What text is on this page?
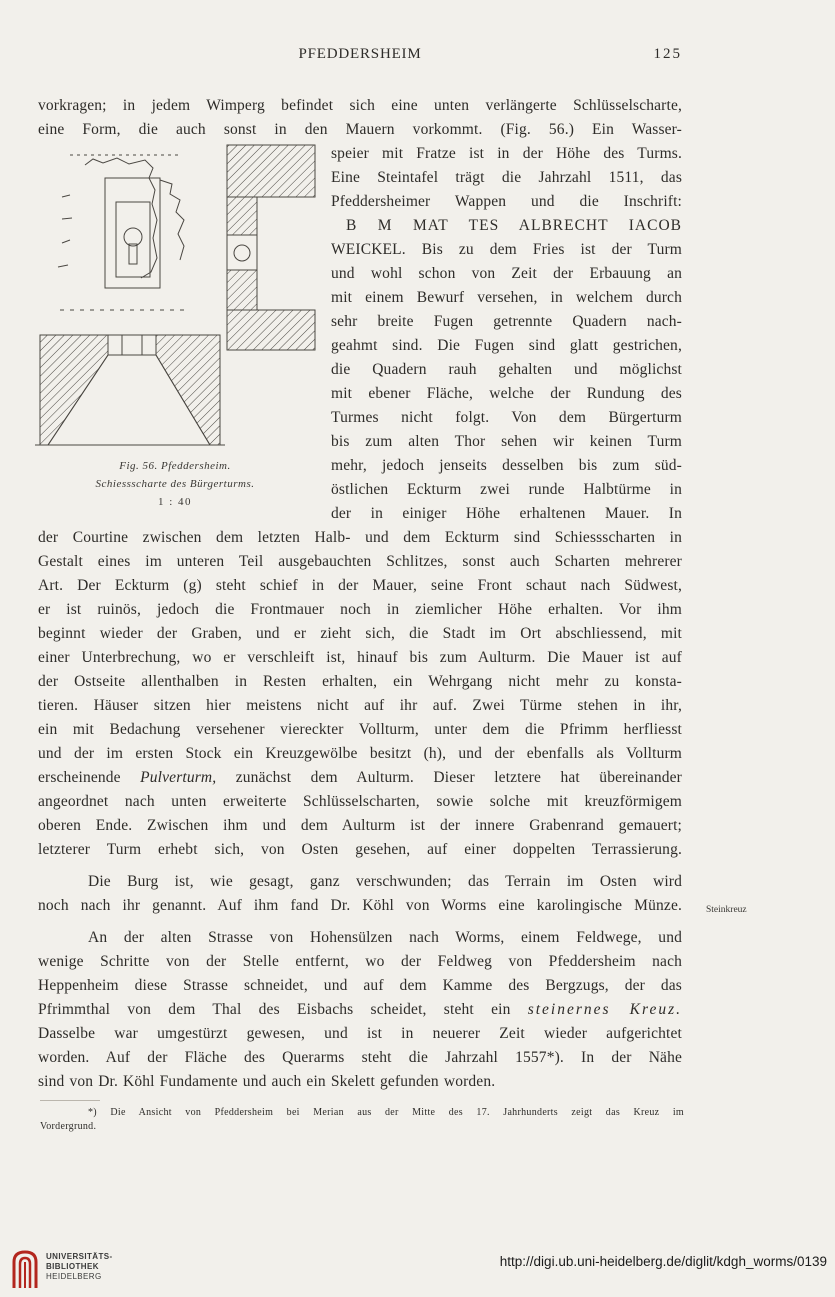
PFEDDERSHEIM	125
vorkragen; in jedem Wimperg befindet sich eine unten verlängerte Schlüsselscharte,
eine Form, die auch sonst in den Mauern vorkommt. (Fig. 56.) Ein Wasser-
speier mit Fratze ist in der Höhe des Turms.
Eine Steintafel trägt die Jahrzahl 1511, das
Pfeddersheimer Wappen und die Inschrift:
B M MAT TES ALBRECHT IACOB
WEICKEL. Bis zu dem Fries ist der Turm
und wohl schon von Zeit der Erbauung an
mit einem Bewurf versehen, in welchem durch
sehr breite Fugen getrennte Quadern nach-
geahmt sind. Die Fugen sind glatt gestrichen,
die Quadern rauh gehalten und möglichst
mit ebener Fläche, welche der Rundung des
Turmes nicht folgt. Von dem Bürgerturm
bis zum alten Thor sehen wir keinen Turm
mehr, jedoch jenseits desselben bis zum süd-
östlichen Eckturm zwei runde Halbtürme in
der in einiger Höhe erhaltenen Mauer. In
Fig. 56. Pfeddersheim.
Schiessscharte des Bürgerturms.
1 : 40
der Courtine zwischen dem letzten Halb- und dem Eckturm sind Schiessscharten in
Gestalt eines im unteren Teil ausgebauchten Schlitzes, sonst auch Scharten mehrerer
Art. Der Eckturm (g) steht schief in der Mauer, seine Front schaut nach Südwest,
er ist ruinös, jedoch die Frontmauer noch in ziemlicher Höhe erhalten. Vor ihm
beginnt wieder der Graben, und er zieht sich, die Stadt im Ort abschliessend, mit
einer Unterbrechung, wo er verschleift ist, hinauf bis zum Aulturm. Die Mauer ist auf
der Ostseite allenthalben in Resten erhalten, ein Wehrgang nicht mehr zu konsta-
tieren. Häuser sitzen hier meistens nicht auf ihr auf. Zwei Türme stehen in ihr,
ein mit Bedachung versehener viereckter Vollturm, unter dem die Pfrimm herfliesst
und der im ersten Stock ein Kreuzgewölbe besitzt (h), und der ebenfalls als Vollturm
erscheinende Pulverturm, zunächst dem Aulturm. Dieser letztere hat übereinander
angeordnet nach unten erweiterte Schlüsselscharten, sowie solche mit kreuzförmigem
oberen Ende. Zwischen ihm und dem Aulturm ist der innere Grabenrand gemauert;
letzterer Turm erhebt sich, von Osten gesehen, auf einer doppelten Terrassierung.
Die Burg ist, wie gesagt, ganz verschwunden; das Terrain im Osten wird
noch nach ihr genannt. Auf ihm fand Dr. Köhl von Worms eine karolingische Münze.
An der alten Strasse von Hohensülzen nach Worms, einem Feldwege, und
Steinkreuz
wenige Schritte von der Stelle entfernt, wo der Feldweg von Pfeddersheim nach
Heppenheim diese Strasse schneidet, und auf dem Kamme des Bergzugs, der das
Pfrimmthal von dem Thal des Eisbachs scheidet, steht ein steinernes Kreuz.
Dasselbe war umgestürzt gewesen, und ist in neuerer Zeit wieder aufgerichtet
worden. Auf der Fläche des Querarms steht die Jahrzahl 1557*). In der Nähe
sind von Dr. Köhl Fundamente und auch ein Skelett gefunden worden.
*) Die Ansicht von Pfeddersheim bei Merian aus der Mitte des 17. Jahrhunderts zeigt das Kreuz im
Vordergrund.
UNIVERSITÄTS-
BIBLIOTHEK
HEIDELBERG
http://digi.ub.uni-heidelberg.de/diglit/kdgh_worms/0139
